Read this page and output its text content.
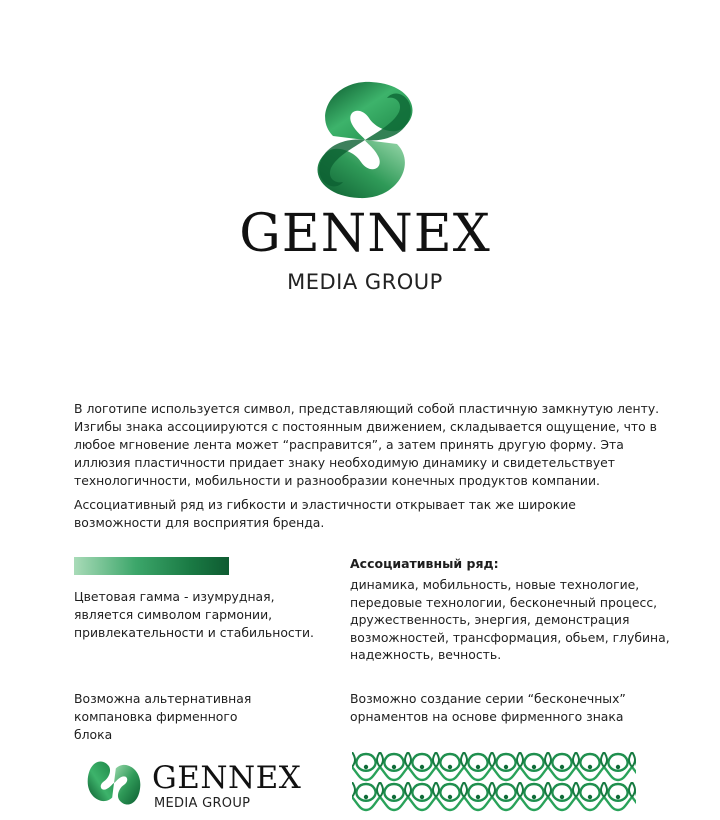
GENNEX
MEDIA GROUP

В логотипе используется символ, представляющий собой пластичную замкнутую ленту. Изгибы знака ассоциируются с постоянным движением, складывается ощущение, что в любое мгновение лента может “расправится”, а затем принять другую форму. Эта иллюзия пластичности придает знаку необходимую динамику и свидетельствует технологичности, мобильности и разнообразии конечных продуктов компании.

Ассоциативный ряд из гибкости и эластичности открывает так же широкие возможности для восприятия бренда.

Цветовая гамма - изумрудная, является символом гармонии, привлекательности и стабильности.
Ассоциативный ряд:
динамика, мобильность, новые технологие, передовые технологии, бесконечный процесс, дружественность, энергия, демонстрация возможностей, трансформация, обьем, глубина, надежность, вечность.
Возможна альтернативная компановка фирменного блока
Возможно создание серии “бесконечных” орнаментов на основе фирменного знака
GENNEX
MEDIA GROUP
